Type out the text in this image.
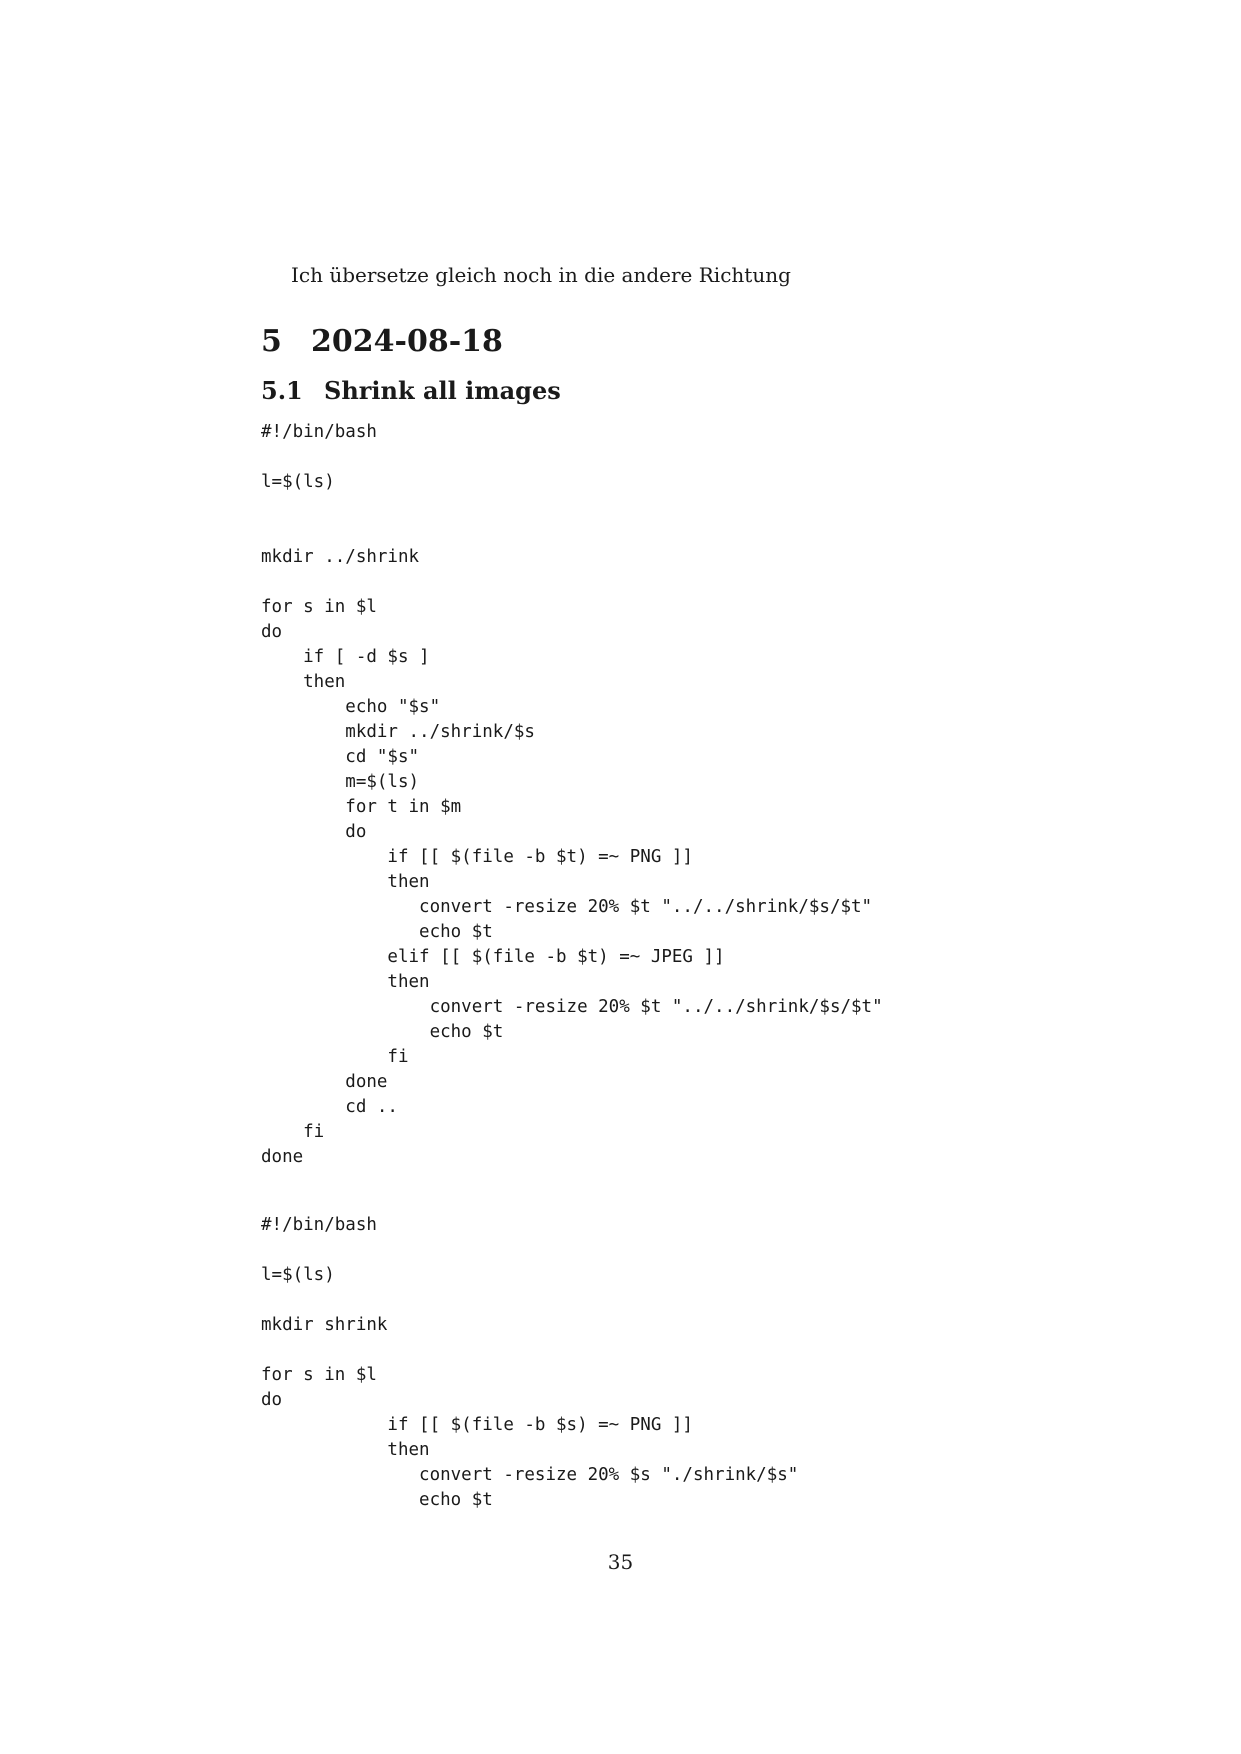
Ich übersetze gleich noch in die andere Richtung
5 2024-08-18
5.1 Shrink all images
#!/bin/bash
l=$(ls)
mkdir ../shrink
for s in $l
do
if [ -d $s ]
then
echo "$s"
mkdir ../shrink/$s
cd "$s"
m=$(ls)
for t in $m
do
if [[ $(file -b $t) =~ PNG ]]
then
convert -resize 20% $t "../../shrink/$s/$t"
echo $t
elif [[ $(file -b $t) =~ JPEG ]]
then
convert -resize 20% $t "../../shrink/$s/$t"
echo $t
fi
done
cd ..
fi
done
#!/bin/bash
l=$(ls)
mkdir shrink
for s in $l
do
if [[ $(file -b $s) =~ PNG ]]
then
convert -resize 20% $s "./shrink/$s"
echo $t
35
